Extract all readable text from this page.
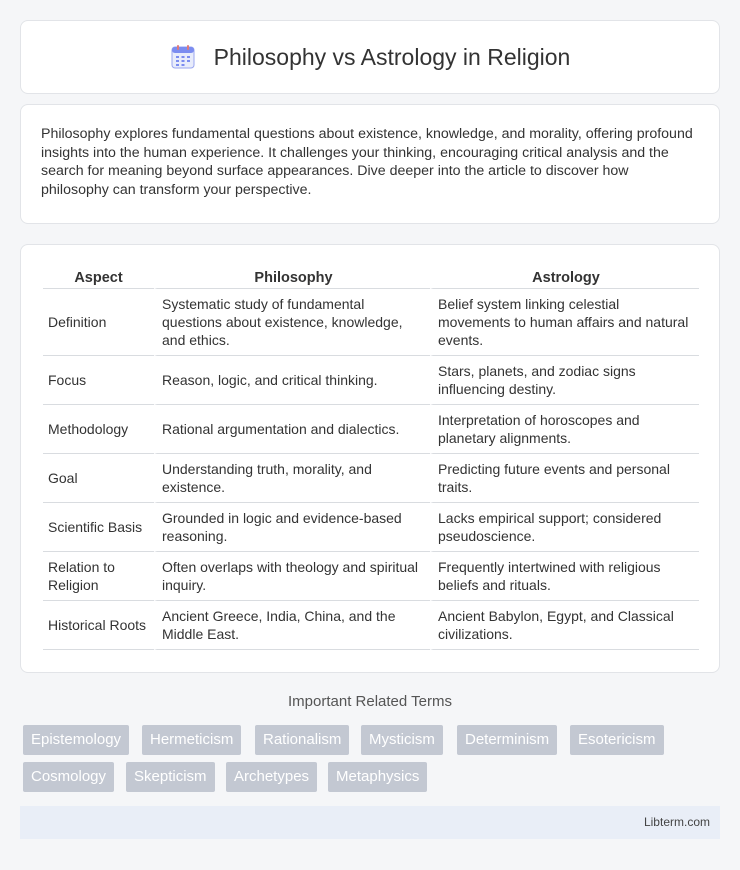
Philosophy vs Astrology in Religion

Philosophy explores fundamental questions about existence, knowledge, and morality, offering profound insights into the human experience. It challenges your thinking, encouraging critical analysis and the search for meaning beyond surface appearances. Dive deeper into the article to discover how philosophy can transform your perspective.

Aspect	Philosophy	Astrology
Definition	Systematic study of fundamental questions about existence, knowledge, and ethics.	Belief system linking celestial movements to human affairs and natural events.
Focus	Reason, logic, and critical thinking.	Stars, planets, and zodiac signs influencing destiny.
Methodology	Rational argumentation and dialectics.	Interpretation of horoscopes and planetary alignments.
Goal	Understanding truth, morality, and existence.	Predicting future events and personal traits.
Scientific Basis	Grounded in logic and evidence-based reasoning.	Lacks empirical support; considered pseudoscience.
Relation to Religion	Often overlaps with theology and spiritual inquiry.	Frequently intertwined with religious beliefs and rituals.
Historical Roots	Ancient Greece, India, China, and the Middle East.	Ancient Babylon, Egypt, and Classical civilizations.
Important Related Terms
Epistemology	Hermeticism	Rationalism	Mysticism	Determinism	Esotericism
Cosmology	Skepticism	Archetypes	Metaphysics
Libterm.com
